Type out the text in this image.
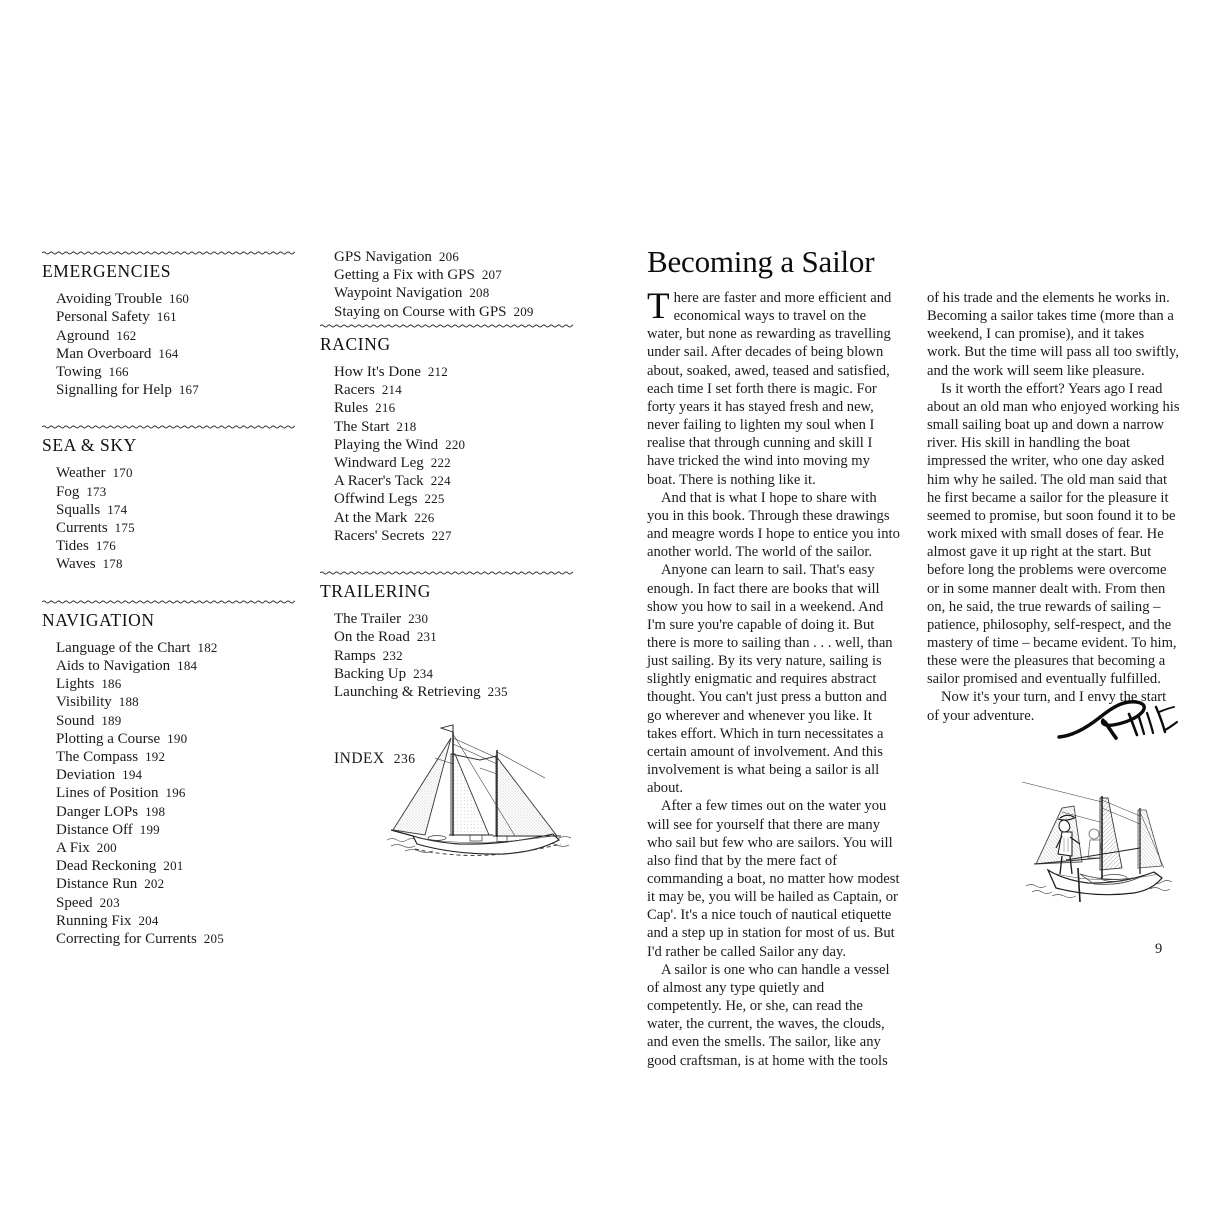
EMERGENCIES
Avoiding Trouble 160
Personal Safety 161
Aground 162
Man Overboard 164
Towing 166
Signalling for Help 167
SEA & SKY
Weather 170
Fog 173
Squalls 174
Currents 175
Tides 176
Waves 178
NAVIGATION
Language of the Chart 182
Aids to Navigation 184
Lights 186
Visibility 188
Sound 189
Plotting a Course 190
The Compass 192
Deviation 194
Lines of Position 196
Danger LOPs 198
Distance Off 199
A Fix 200
Dead Reckoning 201
Distance Run 202
Speed 203
Running Fix 204
Correcting for Currents 205
GPS Navigation 206
Getting a Fix with GPS 207
Waypoint Navigation 208
Staying on Course with GPS 209
RACING
How It's Done 212
Racers 214
Rules 216
The Start 218
Playing the Wind 220
Windward Leg 222
A Racer's Tack 224
Offwind Legs 225
At the Mark 226
Racers' Secrets 227
TRAILERING
The Trailer 230
On the Road 231
Ramps 232
Backing Up 234
Launching & Retrieving 235
INDEX 236
Becoming a Sailor

There are faster and more efficient and economical ways to travel on the water, but none as rewarding as travelling under sail. After decades of being blown about, soaked, awed, teased and satisfied, each time I set forth there is magic. For forty years it has stayed fresh and new, never failing to lighten my soul when I realise that through cunning and skill I have tricked the wind into moving my boat. There is nothing like it.

And that is what I hope to share with you in this book. Through these drawings and meagre words I hope to entice you into another world. The world of the sailor.

Anyone can learn to sail. That's easy enough. In fact there are books that will show you how to sail in a weekend. And I'm sure you're capable of doing it. But there is more to sailing than . . . well, than just sailing. By its very nature, sailing is slightly enigmatic and requires abstract thought. You can't just press a button and go wherever and whenever you like. It takes effort. Which in turn necessitates a certain amount of involvement. And this involvement is what being a sailor is all about.

After a few times out on the water you will see for yourself that there are many who sail but few who are sailors. You will also find that by the mere fact of commanding a boat, no matter how modest it may be, you will be hailed as Captain, or Cap'. It's a nice touch of nautical etiquette and a step up in station for most of us. But I'd rather be called Sailor any day.

A sailor is one who can handle a vessel of almost any type quietly and competently. He, or she, can read the water, the current, the waves, the clouds, and even the smells. The sailor, like any good craftsman, is at home with the tools

of his trade and the elements he works in. Becoming a sailor takes time (more than a weekend, I can promise), and it takes work. But the time will pass all too swiftly, and the work will seem like pleasure.

Is it worth the effort? Years ago I read about an old man who enjoyed working his small sailing boat up and down a narrow river. His skill in handling the boat impressed the writer, who one day asked him why he sailed. The old man said that he first became a sailor for the pleasure it seemed to promise, but soon found it to be work mixed with small doses of fear. He almost gave it up right at the start. But before long the problems were overcome or in some manner dealt with. From then on, he said, the true rewards of sailing – patience, philosophy, self-respect, and the mastery of time – became evident. To him, these were the pleasures that becoming a sailor promised and eventually fulfilled.

Now it's your turn, and I envy the start of your adventure.

9
